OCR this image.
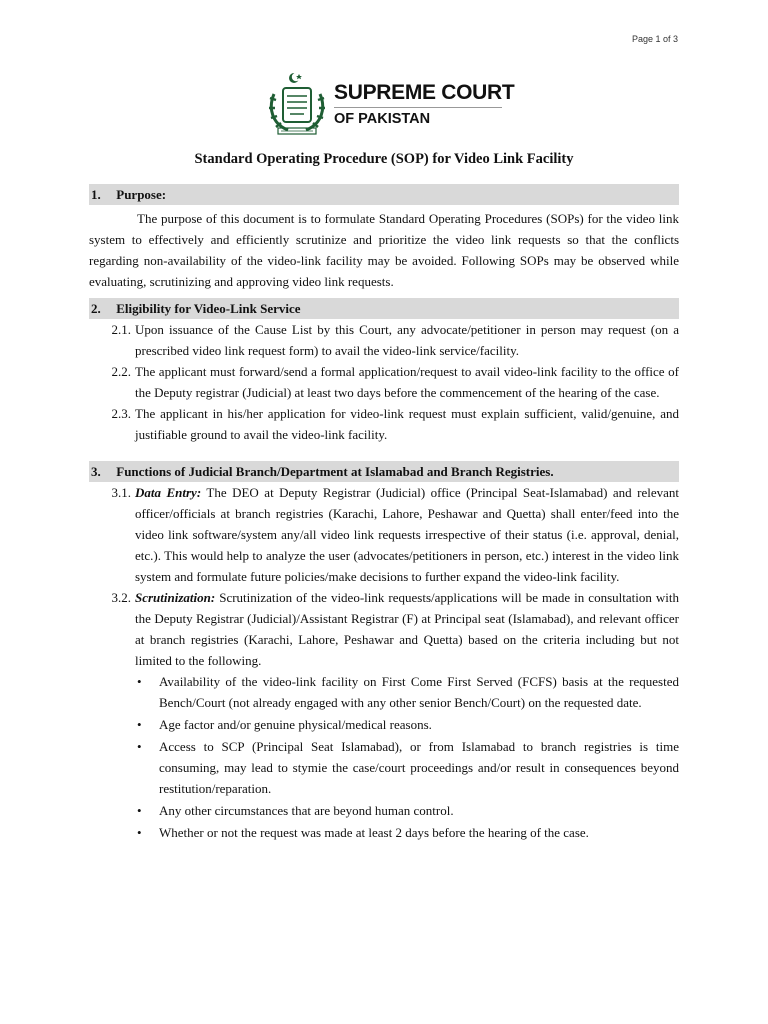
Page 1 of 3
SUPREME COURT
OF PAKISTAN
Standard Operating Procedure (SOP) for Video Link Facility
1. Purpose:
The purpose of this document is to formulate Standard Operating Procedures (SOPs) for the video link system to effectively and efficiently scrutinize and prioritize the video link requests so that the conflicts regarding non-availability of the video-link facility may be avoided. Following SOPs may be observed while evaluating, scrutinizing and approving video link requests.
2. Eligibility for Video-Link Service
2.1. Upon issuance of the Cause List by this Court, any advocate/petitioner in person may request (on a prescribed video link request form) to avail the video-link service/facility.
2.2. The applicant must forward/send a formal application/request to avail video-link facility to the office of the Deputy registrar (Judicial) at least two days before the commencement of the hearing of the case.
2.3. The applicant in his/her application for video-link request must explain sufficient, valid/genuine, and justifiable ground to avail the video-link facility.
3. Functions of Judicial Branch/Department at Islamabad and Branch Registries.
3.1. Data Entry: The DEO at Deputy Registrar (Judicial) office (Principal Seat-Islamabad) and relevant officer/officials at branch registries (Karachi, Lahore, Peshawar and Quetta) shall enter/feed into the video link software/system any/all video link requests irrespective of their status (i.e. approval, denial, etc.). This would help to analyze the user (advocates/petitioners in person, etc.) interest in the video link system and formulate future policies/make decisions to further expand the video-link facility.
3.2. Scrutinization: Scrutinization of the video-link requests/applications will be made in consultation with the Deputy Registrar (Judicial)/Assistant Registrar (F) at Principal seat (Islamabad), and relevant officer at branch registries (Karachi, Lahore, Peshawar and Quetta) based on the criteria including but not limited to the following.
•	Availability of the video-link facility on First Come First Served (FCFS) basis at the requested Bench/Court (not already engaged with any other senior Bench/Court) on the requested date.
•	Age factor and/or genuine physical/medical reasons.
•	Access to SCP (Principal Seat Islamabad), or from Islamabad to branch registries is time consuming, may lead to stymie the case/court proceedings and/or result in consequences beyond restitution/reparation.
•	Any other circumstances that are beyond human control.
•	Whether or not the request was made at least 2 days before the hearing of the case.
